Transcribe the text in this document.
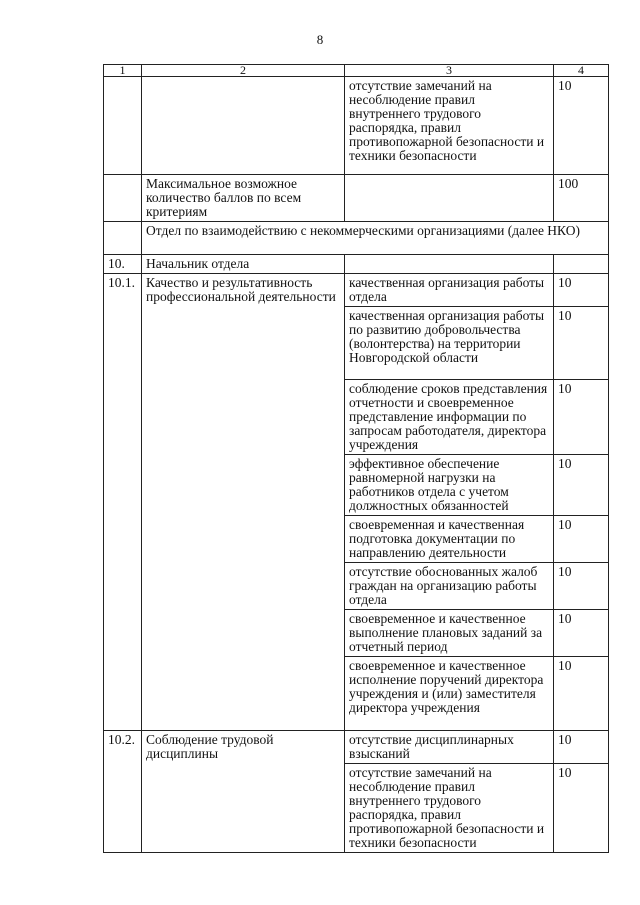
8
1	2	3	4
		отсутствие замечаний на несоблюдение правил внутреннего трудового распорядка, правил противопожарной безопасности и техники безопасности	10
	Максимальное возможное количество баллов по всем критериям		100
	Отдел по взаимодействию с некоммерческими организациями (далее НКО)		
10.	Начальник отдела		
10.1.	Качество и результативность профессиональной деятельности	качественная организация работы отдела	10
		качественная организация работы по развитию добровольчества (волонтерства) на территории Новгородской области	10
		соблюдение сроков представления отчетности и своевременное представление информации по запросам работодателя, директора учреждения	10
		эффективное обеспечение равномерной нагрузки на работников отдела с учетом должностных обязанностей	10
		своевременная и качественная подготовка документации по направлению деятельности	10
		отсутствие обоснованных жалоб граждан на организацию работы отдела	10
		своевременное и качественное выполнение плановых заданий за отчетный период	10
		своевременное и качественное исполнение поручений директора учреждения и (или) заместителя директора учреждения	10
10.2.	Соблюдение трудовой дисциплины	отсутствие дисциплинарных взысканий	10
		отсутствие замечаний на несоблюдение правил внутреннего трудового распорядка, правил противопожарной безопасности и техники безопасности	10
